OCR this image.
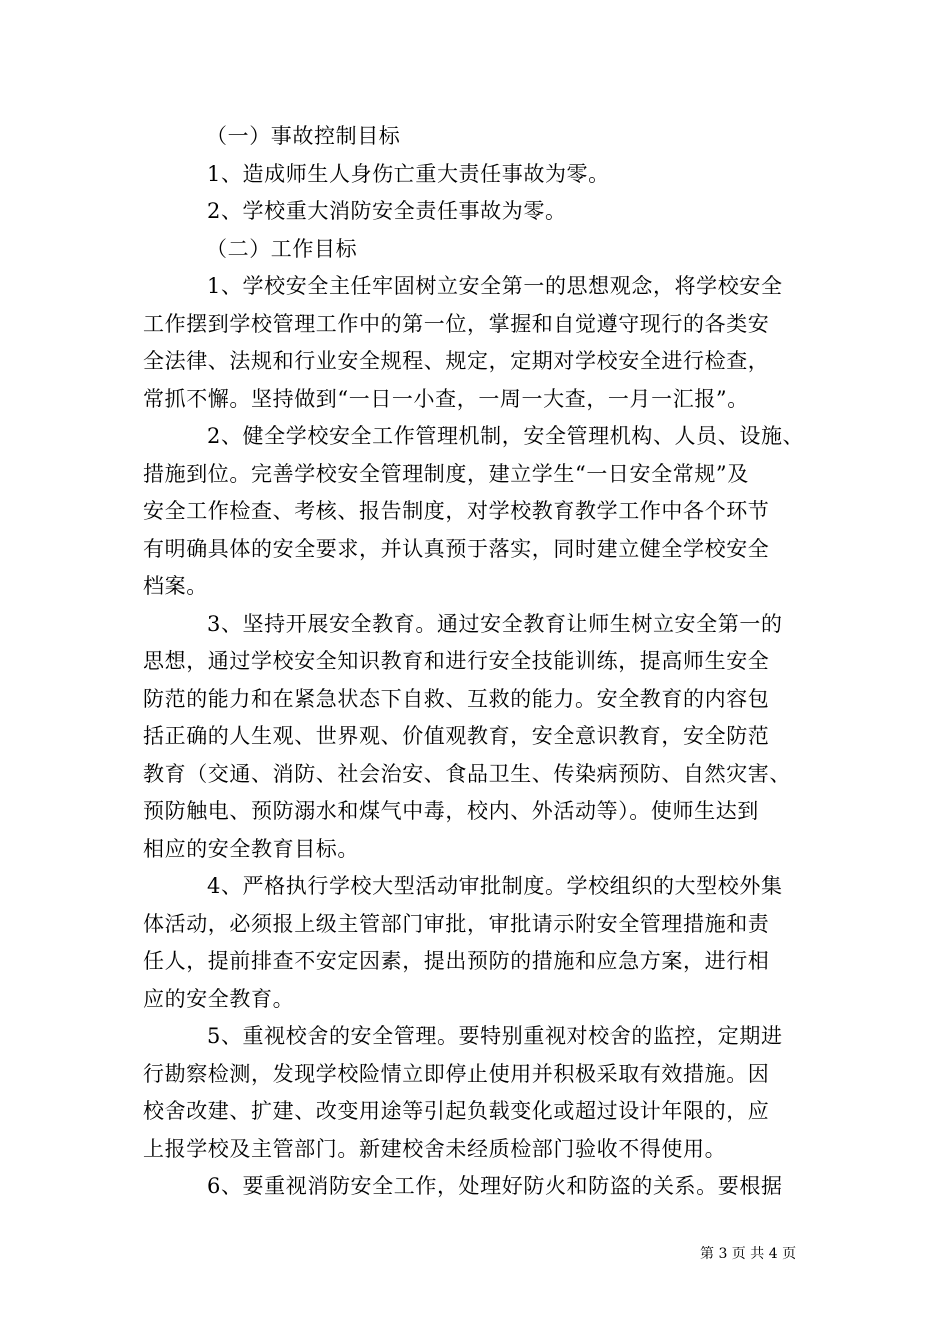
（一）事故控制目标
1、造成师生人身伤亡重大责任事故为零。
2、学校重大消防安全责任事故为零。
（二）工作目标
1、学校安全主任牢固树立安全第一的思想观念，将学校安全
工作摆到学校管理工作中的第一位，掌握和自觉遵守现行的各类安
全法律、法规和行业安全规程、规定，定期对学校安全进行检查，
常抓不懈。坚持做到“一日一小查，一周一大查，一月一汇报”。
2、健全学校安全工作管理机制，安全管理机构、人员、设施、
措施到位。完善学校安全管理制度，建立学生“一日安全常规”及
安全工作检查、考核、报告制度，对学校教育教学工作中各个环节
有明确具体的安全要求，并认真预于落实，同时建立健全学校安全
档案。
3、坚持开展安全教育。通过安全教育让师生树立安全第一的
思想，通过学校安全知识教育和进行安全技能训练，提高师生安全
防范的能力和在紧急状态下自救、互救的能力。安全教育的内容包
括正确的人生观、世界观、价值观教育，安全意识教育，安全防范
教育（交通、消防、社会治安、食品卫生、传染病预防、自然灾害、
预防触电、预防溺水和煤气中毒，校内、外活动等）。使师生达到
相应的安全教育目标。
4、严格执行学校大型活动审批制度。学校组织的大型校外集
体活动，必须报上级主管部门审批，审批请示附安全管理措施和责
任人，提前排查不安定因素，提出预防的措施和应急方案，进行相
应的安全教育。
5、重视校舍的安全管理。要特别重视对校舍的监控，定期进
行勘察检测，发现学校险情立即停止使用并积极采取有效措施。因
校舍改建、扩建、改变用途等引起负载变化或超过设计年限的，应
上报学校及主管部门。新建校舍未经质检部门验收不得使用。
6、要重视消防安全工作，处理好防火和防盗的关系。要根据
第 3 页 共 4 页
